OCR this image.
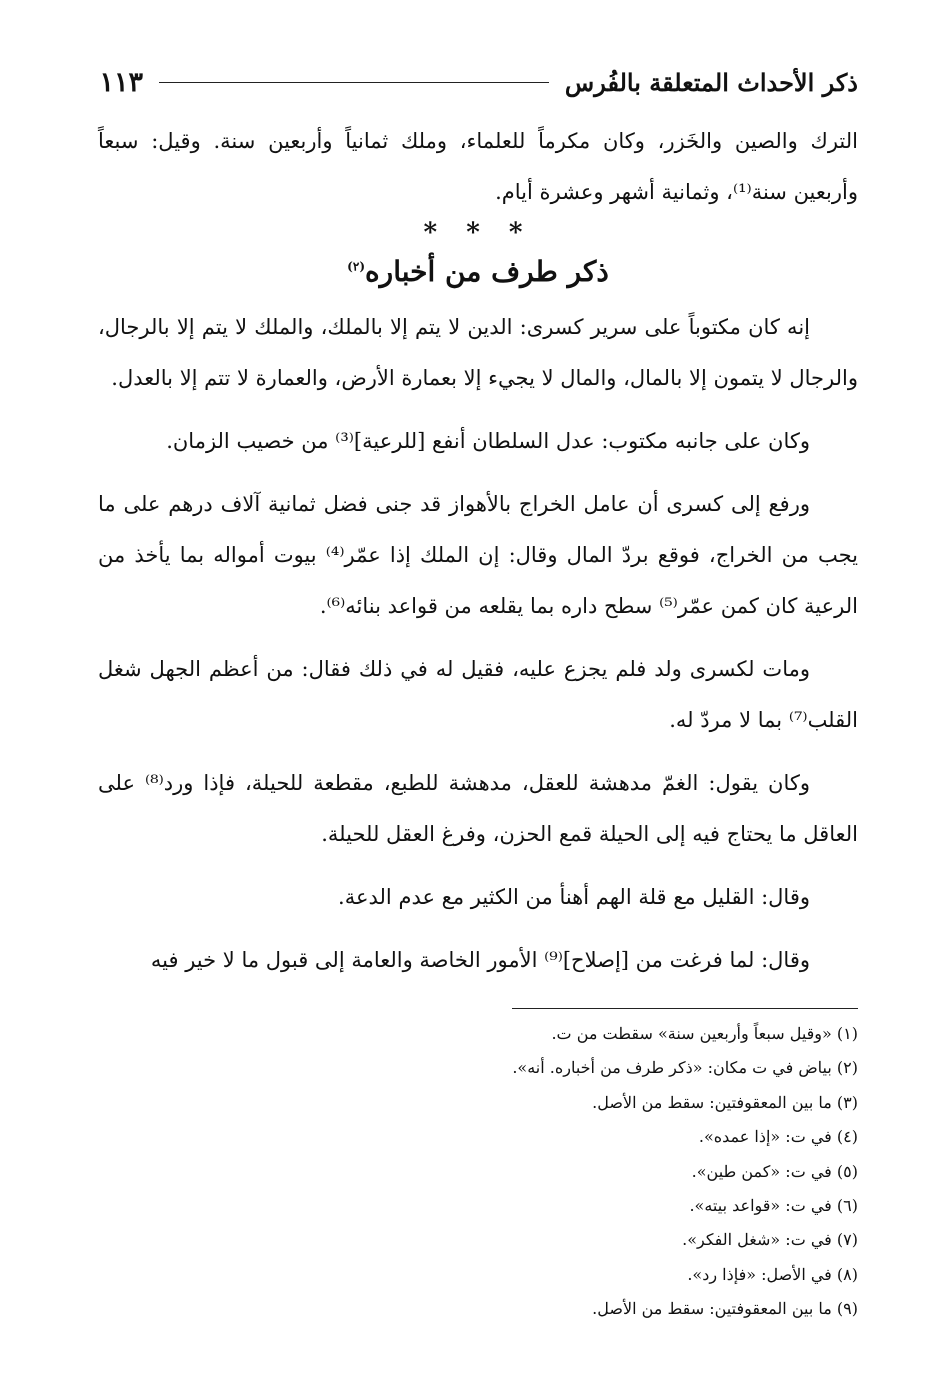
ذكر الأحداث المتعلقة بالفُرس
١١٣

الترك والصين والخَزر، وكان مكرماً للعلماء، وملك ثمانياً وأربعين سنة. وقيل: سبعاً وأربعين سنة⁽¹⁾، وثمانية أشهر وعشرة أيام.

* * *
ذكر طرف من أخباره$^{(٢)}$

إنه كان مكتوباً على سرير كسرى: الدين لا يتم إلا بالملك، والملك لا يتم إلا بالرجال، والرجال لا يتمون إلا بالمال، والمال لا يجيء إلا بعمارة الأرض، والعمارة لا تتم إلا بالعدل.

وكان على جانبه مكتوب: عدل السلطان أنفع [للرعية]⁽³⁾ من خصيب الزمان.

ورفع إلى كسرى أن عامل الخراج بالأهواز قد جنى فضل ثمانية آلاف درهم على ما يجب من الخراج، فوقع بردّ المال وقال: إن الملك إذا عمّر⁽⁴⁾ بيوت أمواله بما يأخذ من الرعية كان كمن عمّر⁽⁵⁾ سطح داره بما يقلعه من قواعد بنائه⁽⁶⁾.

ومات لكسرى ولد فلم يجزع عليه، فقيل له في ذلك فقال: من أعظم الجهل شغل القلب⁽⁷⁾ بما لا مردّ له.

وكان يقول: الغمّ مدهشة للعقل، مدهشة للطبع، مقطعة للحيلة، فإذا ورد⁽⁸⁾ على العاقل ما يحتاج فيه إلى الحيلة قمع الحزن، وفرغ العقل للحيلة.

وقال: القليل مع قلة الهم أهنأ من الكثير مع عدم الدعة.

وقال: لما فرغت من [إصلاح]⁽⁹⁾ الأمور الخاصة والعامة إلى قبول ما لا خير فيه

(١) «وقيل سبعاً وأربعين سنة» سقطت من ت.
(٢) بياض في ت مكان: «ذكر طرف من أخباره. أنه».
(٣) ما بين المعقوفتين: سقط من الأصل.
(٤) في ت: «إذا عمده».
(٥) في ت: «كمن طين».
(٦) في ت: «قواعد بيته».
(٧) في ت: «شغل الفكر».
(٨) في الأصل: «فإذا رد».
(٩) ما بين المعقوفتين: سقط من الأصل.
